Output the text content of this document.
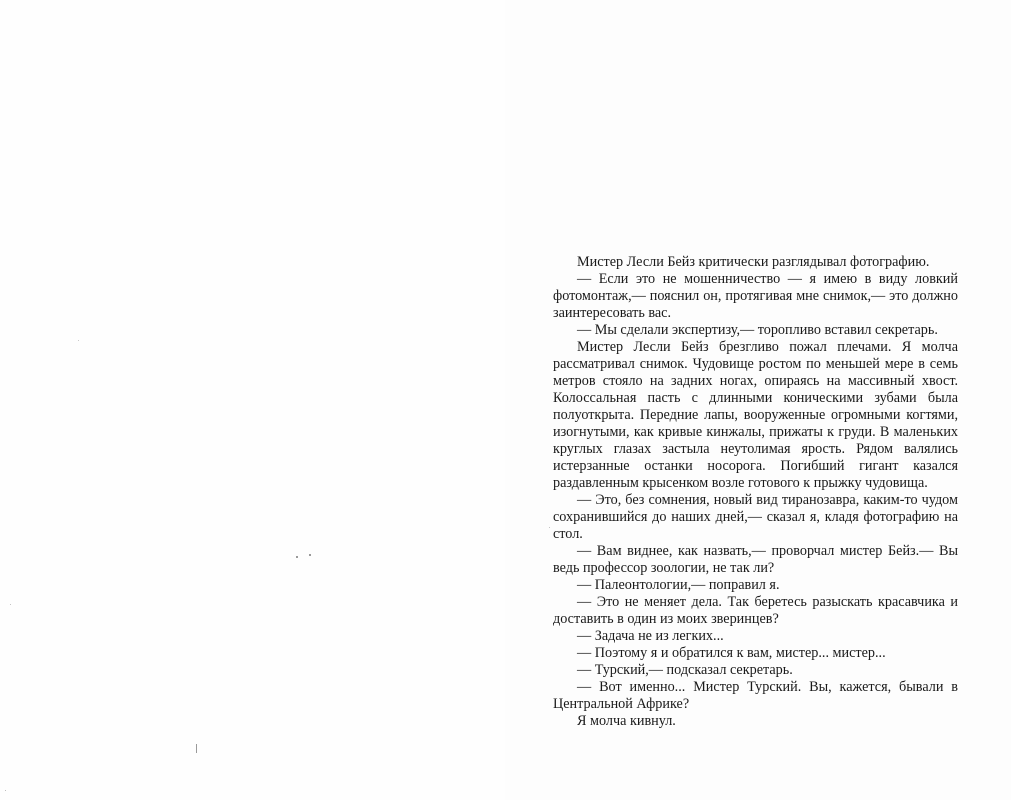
Мистер Лесли Бейз критически разглядывал фотографию.

— Если это не мошенничество — я имею в виду ловкий фотомонтаж,— пояснил он, протягивая мне снимок,— это должно заинтересовать вас.

— Мы сделали экспертизу,— торопливо вставил секретарь.

Мистер Лесли Бейз брезгливо пожал плечами. Я молча рассматривал снимок. Чудовище ростом по меньшей мере в семь метров стояло на задних ногах, опираясь на массивный хвост. Колоссальная пасть с длинными коническими зубами была полуоткрыта. Передние лапы, вооруженные огромными когтями, изогнутыми, как кривые кинжалы, прижаты к груди. В маленьких круглых глазах застыла неутолимая ярость. Рядом валялись истерзанные останки носорога. Погибший гигант казался раздавленным крысенком возле готового к прыжку чудовища.

— Это, без сомнения, новый вид тиранозавра, каким-то чудом сохранившийся до наших дней,— сказал я, кладя фотографию на стол.

— Вам виднее, как назвать,— проворчал мистер Бейз.— Вы ведь профессор зоологии, не так ли?

— Палеонтологии,— поправил я.

— Это не меняет дела. Так беретесь разыскать красавчика и доставить в один из моих зверинцев?

— Задача не из легких...

— Поэтому я и обратился к вам, мистер... мистер...

— Турский,— подсказал секретарь.

— Вот именно... Мистер Турский. Вы, кажется, бывали в Центральной Африке?

Я молча кивнул.
